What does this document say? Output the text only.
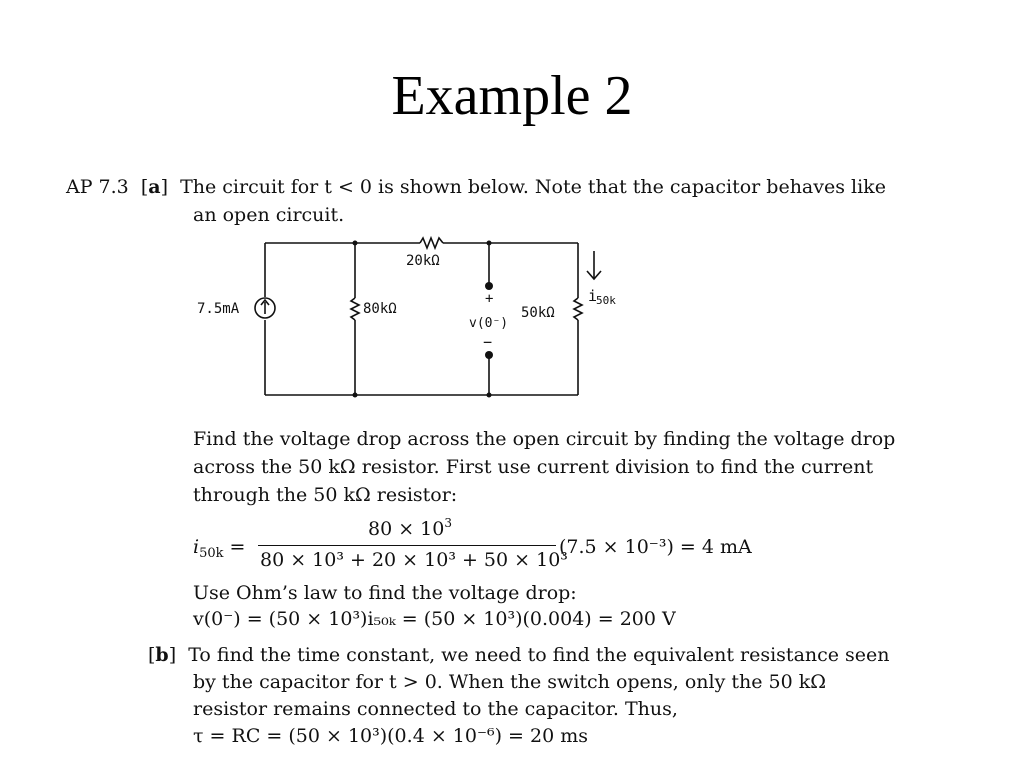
Example 2
AP 7.3  [a]  The circuit for t < 0 is shown below. Note that the capacitor behaves like
an open circuit.
7.5mA	80kΩ
20kΩ
50kΩ
+
v(0⁻)
−
i
50k
Find the voltage drop across the open circuit by finding the voltage drop
across the 50 kΩ resistor. First use current division to find the current
through the 50 kΩ resistor:
$i_{50k}$ =
$80 \times 10^3$
80 × 10³ + 20 × 10³ + 50 × 10³
(7.5 × 10⁻³) = 4 mA
Use Ohm’s law to find the voltage drop:
v(0⁻) = (50 × 10³)i₅₀ₖ = (50 × 10³)(0.004) = 200 V
[b]  To find the time constant, we need to find the equivalent resistance seen
by the capacitor for t > 0. When the switch opens, only the 50 kΩ
resistor remains connected to the capacitor. Thus,
τ = RC = (50 × 10³)(0.4 × 10⁻⁶) = 20 ms
